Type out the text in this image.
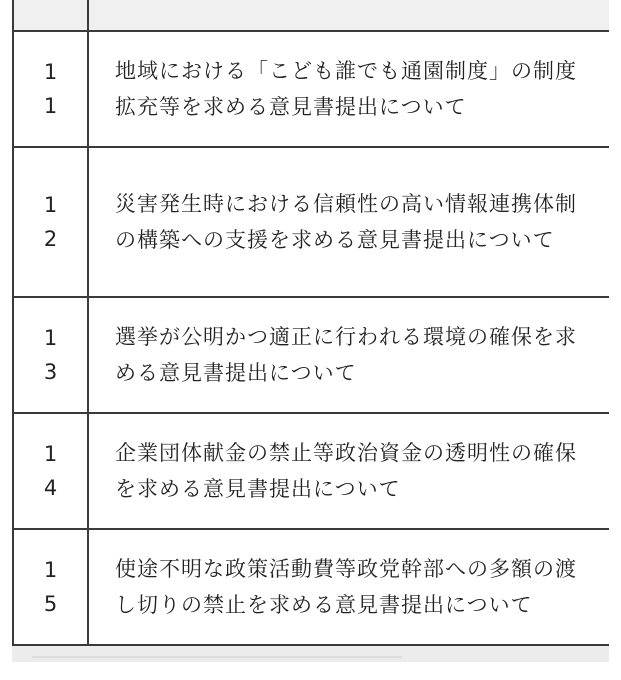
1
1
地域における「こども誰でも通園制度」の制度拡充等を求める意見書提出について
1
2
災害発生時における信頼性の高い情報連携体制の構築への支援を求める意見書提出について
1
3
選挙が公明かつ適正に行われる環境の確保を求める意見書提出について
1
4
企業団体献金の禁止等政治資金の透明性の確保を求める意見書提出について
1
5
使途不明な政策活動費等政党幹部への多額の渡し切りの禁止を求める意見書提出について
